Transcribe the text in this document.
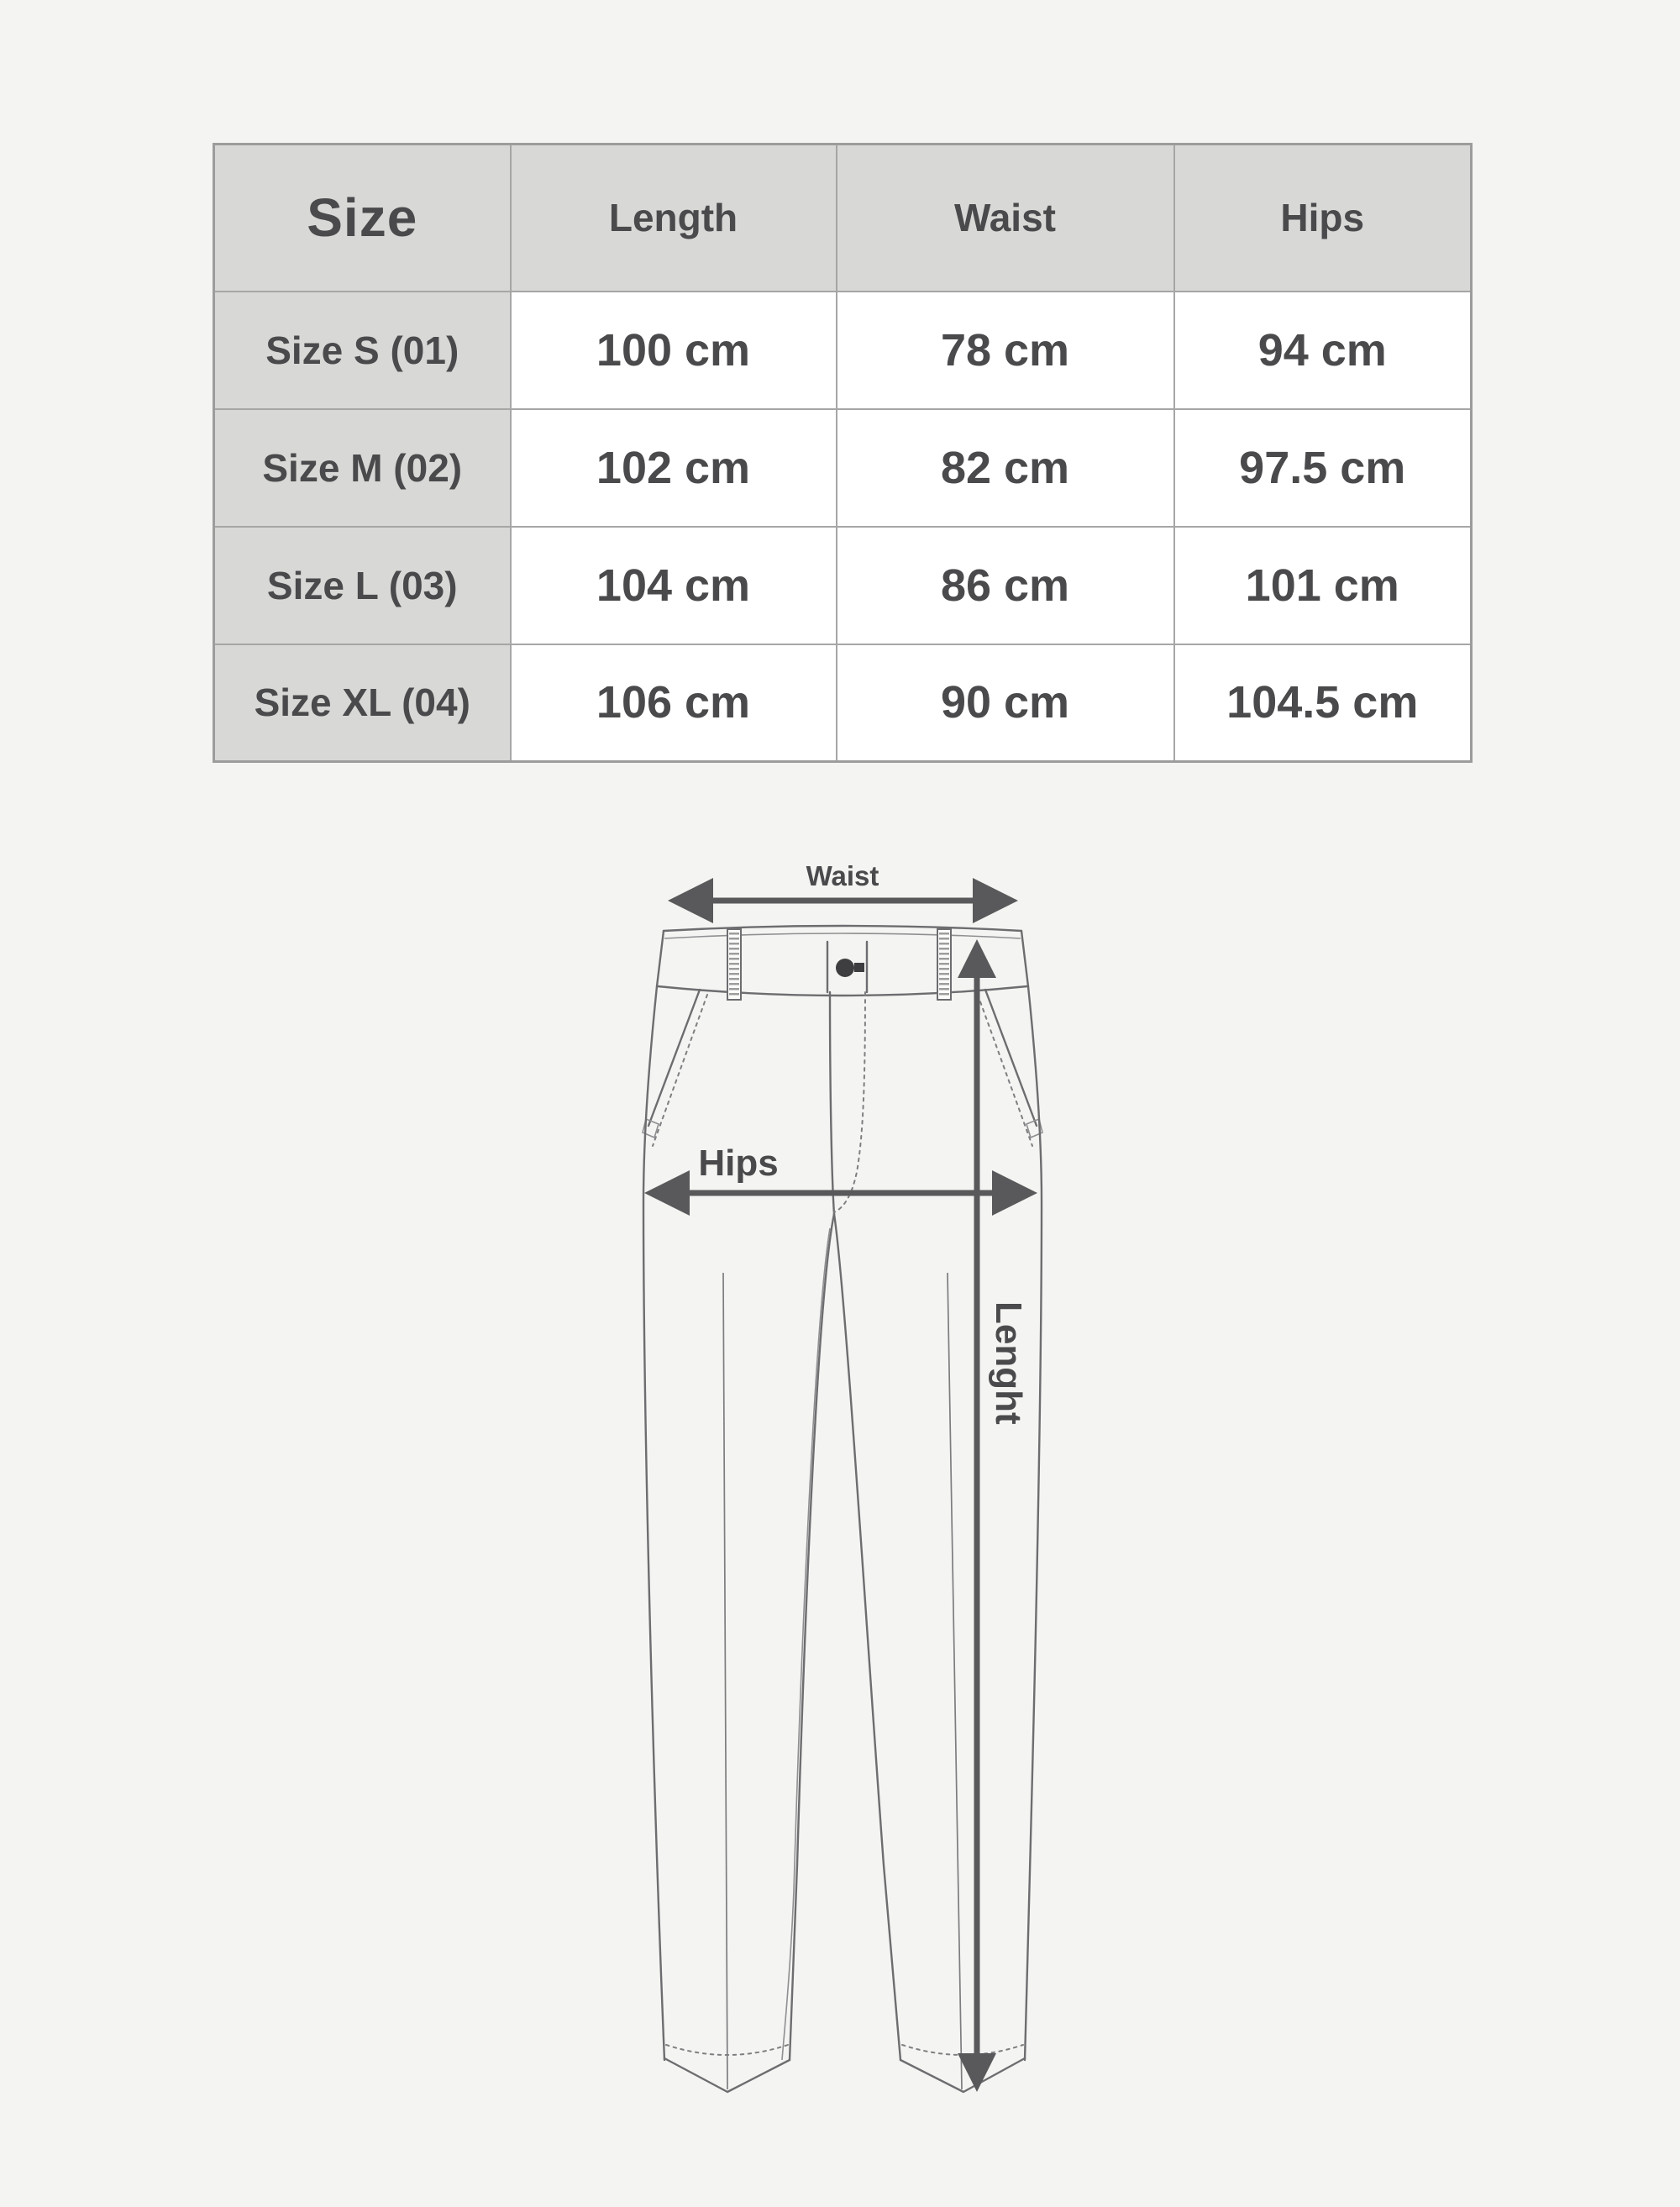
Size	Length	Waist	Hips
Size S (01)	100 cm	78 cm	94 cm
Size M (02)	102 cm	82 cm	97.5 cm
Size L (03)	104 cm	86 cm	101 cm
Size XL (04)	106 cm	90 cm	104.5 cm
Waist
Hips
Lenght
